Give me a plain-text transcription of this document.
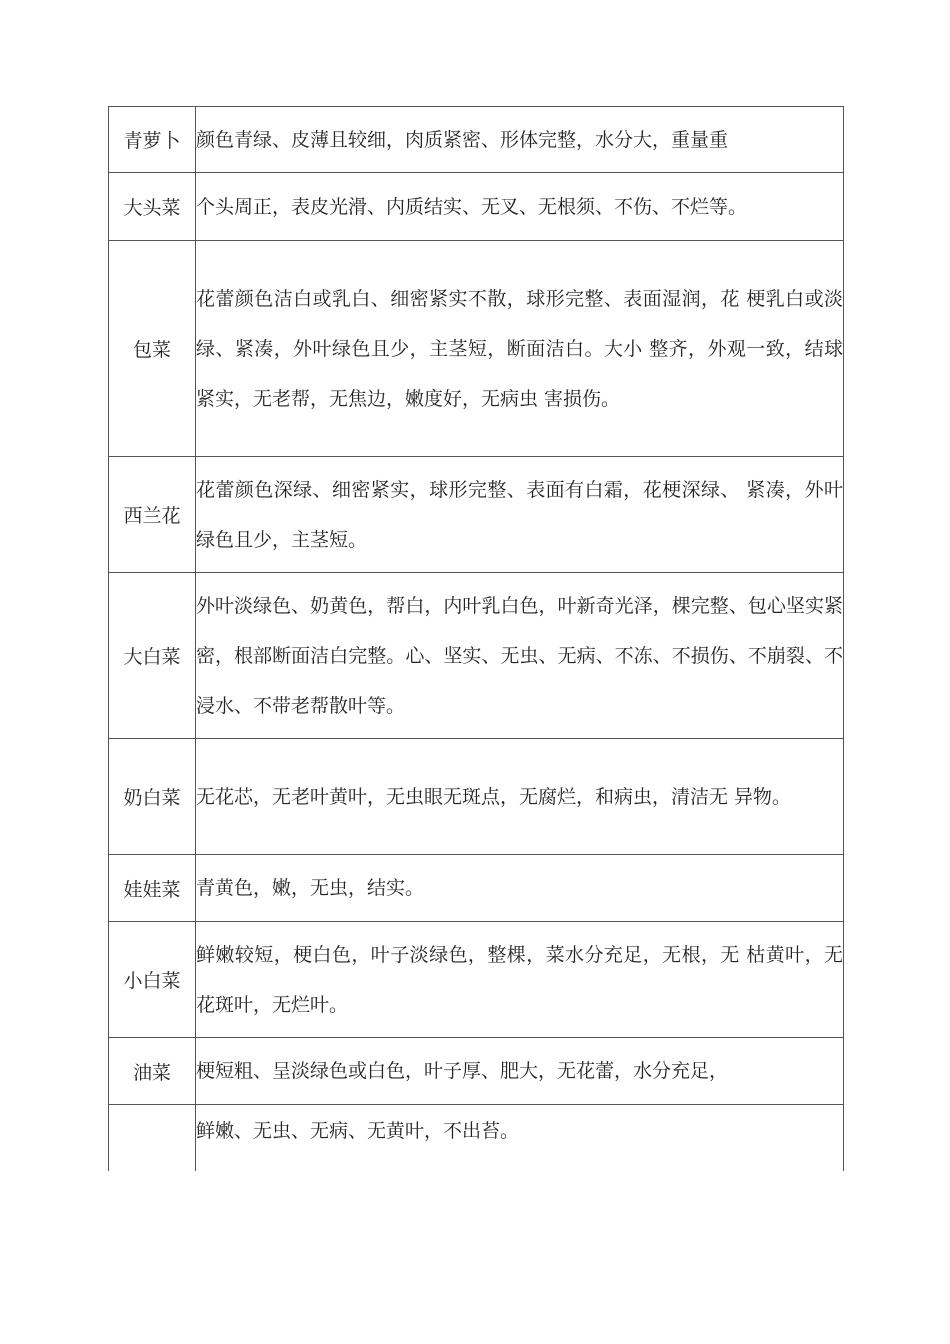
青萝卜	颜色青绿、皮薄且较细，肉质紧密、形体完整，水分大，重量重
大头菜	个头周正，表皮光滑、内质结实、无叉、无根须、不伤、不烂等。
包菜	花蕾颜色洁白或乳白、细密紧实不散，球形完整、表面湿润，花 梗乳白或淡绿、紧凑，外叶绿色且少，主茎短，断面洁白。大小 整齐，外观一致，结球紧实，无老帮，无焦边，嫩度好，无病虫 害损伤。
西兰花	花蕾颜色深绿、细密紧实，球形完整、表面有白霜，花梗深绿、 紧凑，外叶绿色且少，主茎短。
大白菜	外叶淡绿色、奶黄色，帮白，内叶乳白色，叶新奇光泽，棵完整、包心坚实紧密，根部断面洁白完整。心、坚实、无虫、无病、不冻、不损伤、不崩裂、不浸水、不带老帮散叶等。
奶白菜	无花芯，无老叶黄叶，无虫眼无斑点，无腐烂，和病虫，清洁无 异物。
娃娃菜	青黄色，嫩，无虫，结实。
小白菜	鲜嫩较短，梗白色，叶子淡绿色，整棵，菜水分充足，无根，无 枯黄叶，无花斑叶，无烂叶。
油菜	梗短粗、呈淡绿色或白色，叶子厚、肥大，无花蕾，水分充足，
	鲜嫩、无虫、无病、无黄叶，不出苔。
